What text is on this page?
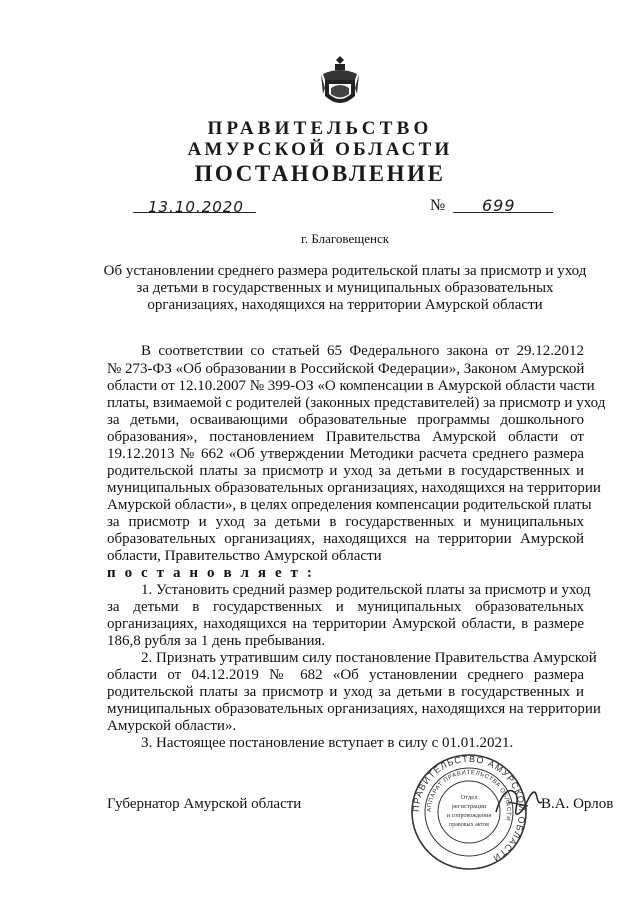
ПРАВИТЕЛЬСТВО
АМУРСКОЙ ОБЛАСТИ
ПОСТАНОВЛЕНИЕ
13.10.2020	№ 699
г. Благовещенск
Об установлении среднего размера родительской платы за присмотр и уход
за детьми в государственных и муниципальных образовательных
организациях, находящихся на территории Амурской области
В соответствии со статьей 65 Федерального закона от 29.12.2012
№ 273-ФЗ «Об образовании в Российской Федерации», Законом Амурской
области от 12.10.2007 № 399-ОЗ «О компенсации в Амурской области части
платы, взимаемой с родителей (законных представителей) за присмотр и уход
за детьми, осваивающими образовательные программы дошкольного
образования», постановлением Правительства Амурской области от
19.12.2013 № 662 «Об утверждении Методики расчета среднего размера
родительской платы за присмотр и уход за детьми в государственных и
муниципальных образовательных организациях, находящихся на территории
Амурской области», в целях определения компенсации родительской платы
за присмотр и уход за детьми в государственных и муниципальных
образовательных организациях, находящихся на территории Амурской
области, Правительство Амурской области
п о с т а н о в л я е т :
1. Установить средний размер родительской платы за присмотр и уход
за детьми в государственных и муниципальных образовательных
организациях, находящихся на территории Амурской области, в размере
186,8 рубля за 1 день пребывания.
2. Признать утратившим силу постановление Правительства Амурской
области от 04.12.2019 № 682 «Об установлении среднего размера
родительской платы за присмотр и уход за детьми в государственных и
муниципальных образовательных организациях, находящихся на территории
Амурской области».
3. Настоящее постановление вступает в силу с 01.01.2021.
Губернатор Амурской области	ПРАВИТЕЛЬСТВО АМУРСКОЙ ОБЛАСТИ
АППАРАТ ПРАВИТЕЛЬСТВА ОБЛАСТИ
Отдел
регистрации
и сопровождения
правовых актов
В.А. Орлов
